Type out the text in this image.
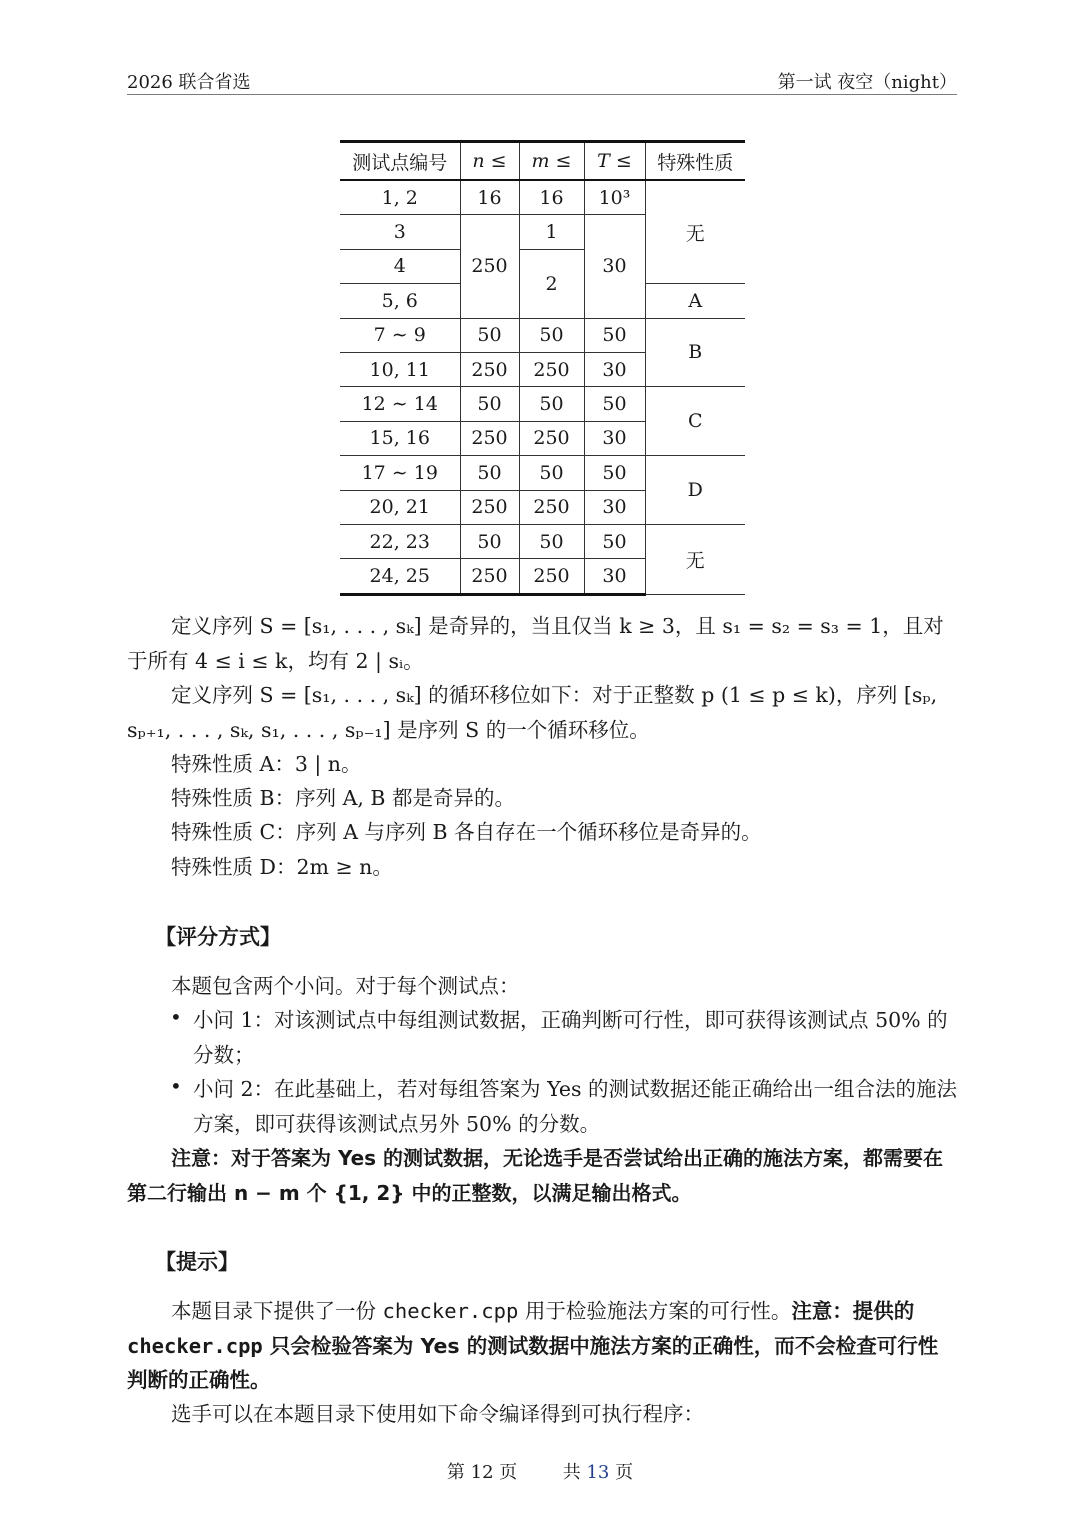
2026 联合省选	第一试 夜空（night）
测试点编号	n ≤	m ≤	T ≤	特殊性质
1, 2	16	16	10³	无
3	250	1	30	
4		2		
5, 6				A
7 ∼ 9	50	50	50	B
10, 11	250	250	30	
12 ∼ 14	50	50	50	C
15, 16	250	250	30	
17 ∼ 19	50	50	50	D
20, 21	250	250	30	
22, 23	50	50	50	无
24, 25	250	250	30	
定义序列 S = [s₁, . . . , sₖ] 是奇异的，当且仅当 k ≥ 3，且 s₁ = s₂ = s₃ = 1，且对于所有 4 ≤ i ≤ k，均有 2 | sᵢ。
定义序列 S = [s₁, . . . , sₖ] 的循环移位如下：对于正整数 p (1 ≤ p ≤ k)，序列 [sₚ, sₚ₊₁, . . . , sₖ, s₁, . . . , sₚ₋₁] 是序列 S 的一个循环移位。
特殊性质 A：3 | n。
特殊性质 B：序列 A, B 都是奇异的。
特殊性质 C：序列 A 与序列 B 各自存在一个循环移位是奇异的。
特殊性质 D：2m ≥ n。
【评分方式】
本题包含两个小问。对于每个测试点：
• 小问 1：对该测试点中每组测试数据，正确判断可行性，即可获得该测试点 50% 的分数；
• 小问 2：在此基础上，若对每组答案为 Yes 的测试数据还能正确给出一组合法的施法方案，即可获得该测试点另外 50% 的分数。
注意：对于答案为 Yes 的测试数据，无论选手是否尝试给出正确的施法方案，都需要在第二行输出 n − m 个 {1, 2} 中的正整数，以满足输出格式。
【提示】
本题目录下提供了一份 checker.cpp 用于检验施法方案的可行性。注意：提供的 checker.cpp 只会检验答案为 Yes 的测试数据中施法方案的正确性，而不会检查可行性判断的正确性。
选手可以在本题目录下使用如下命令编译得到可执行程序：
第 12 页	共 13 页
